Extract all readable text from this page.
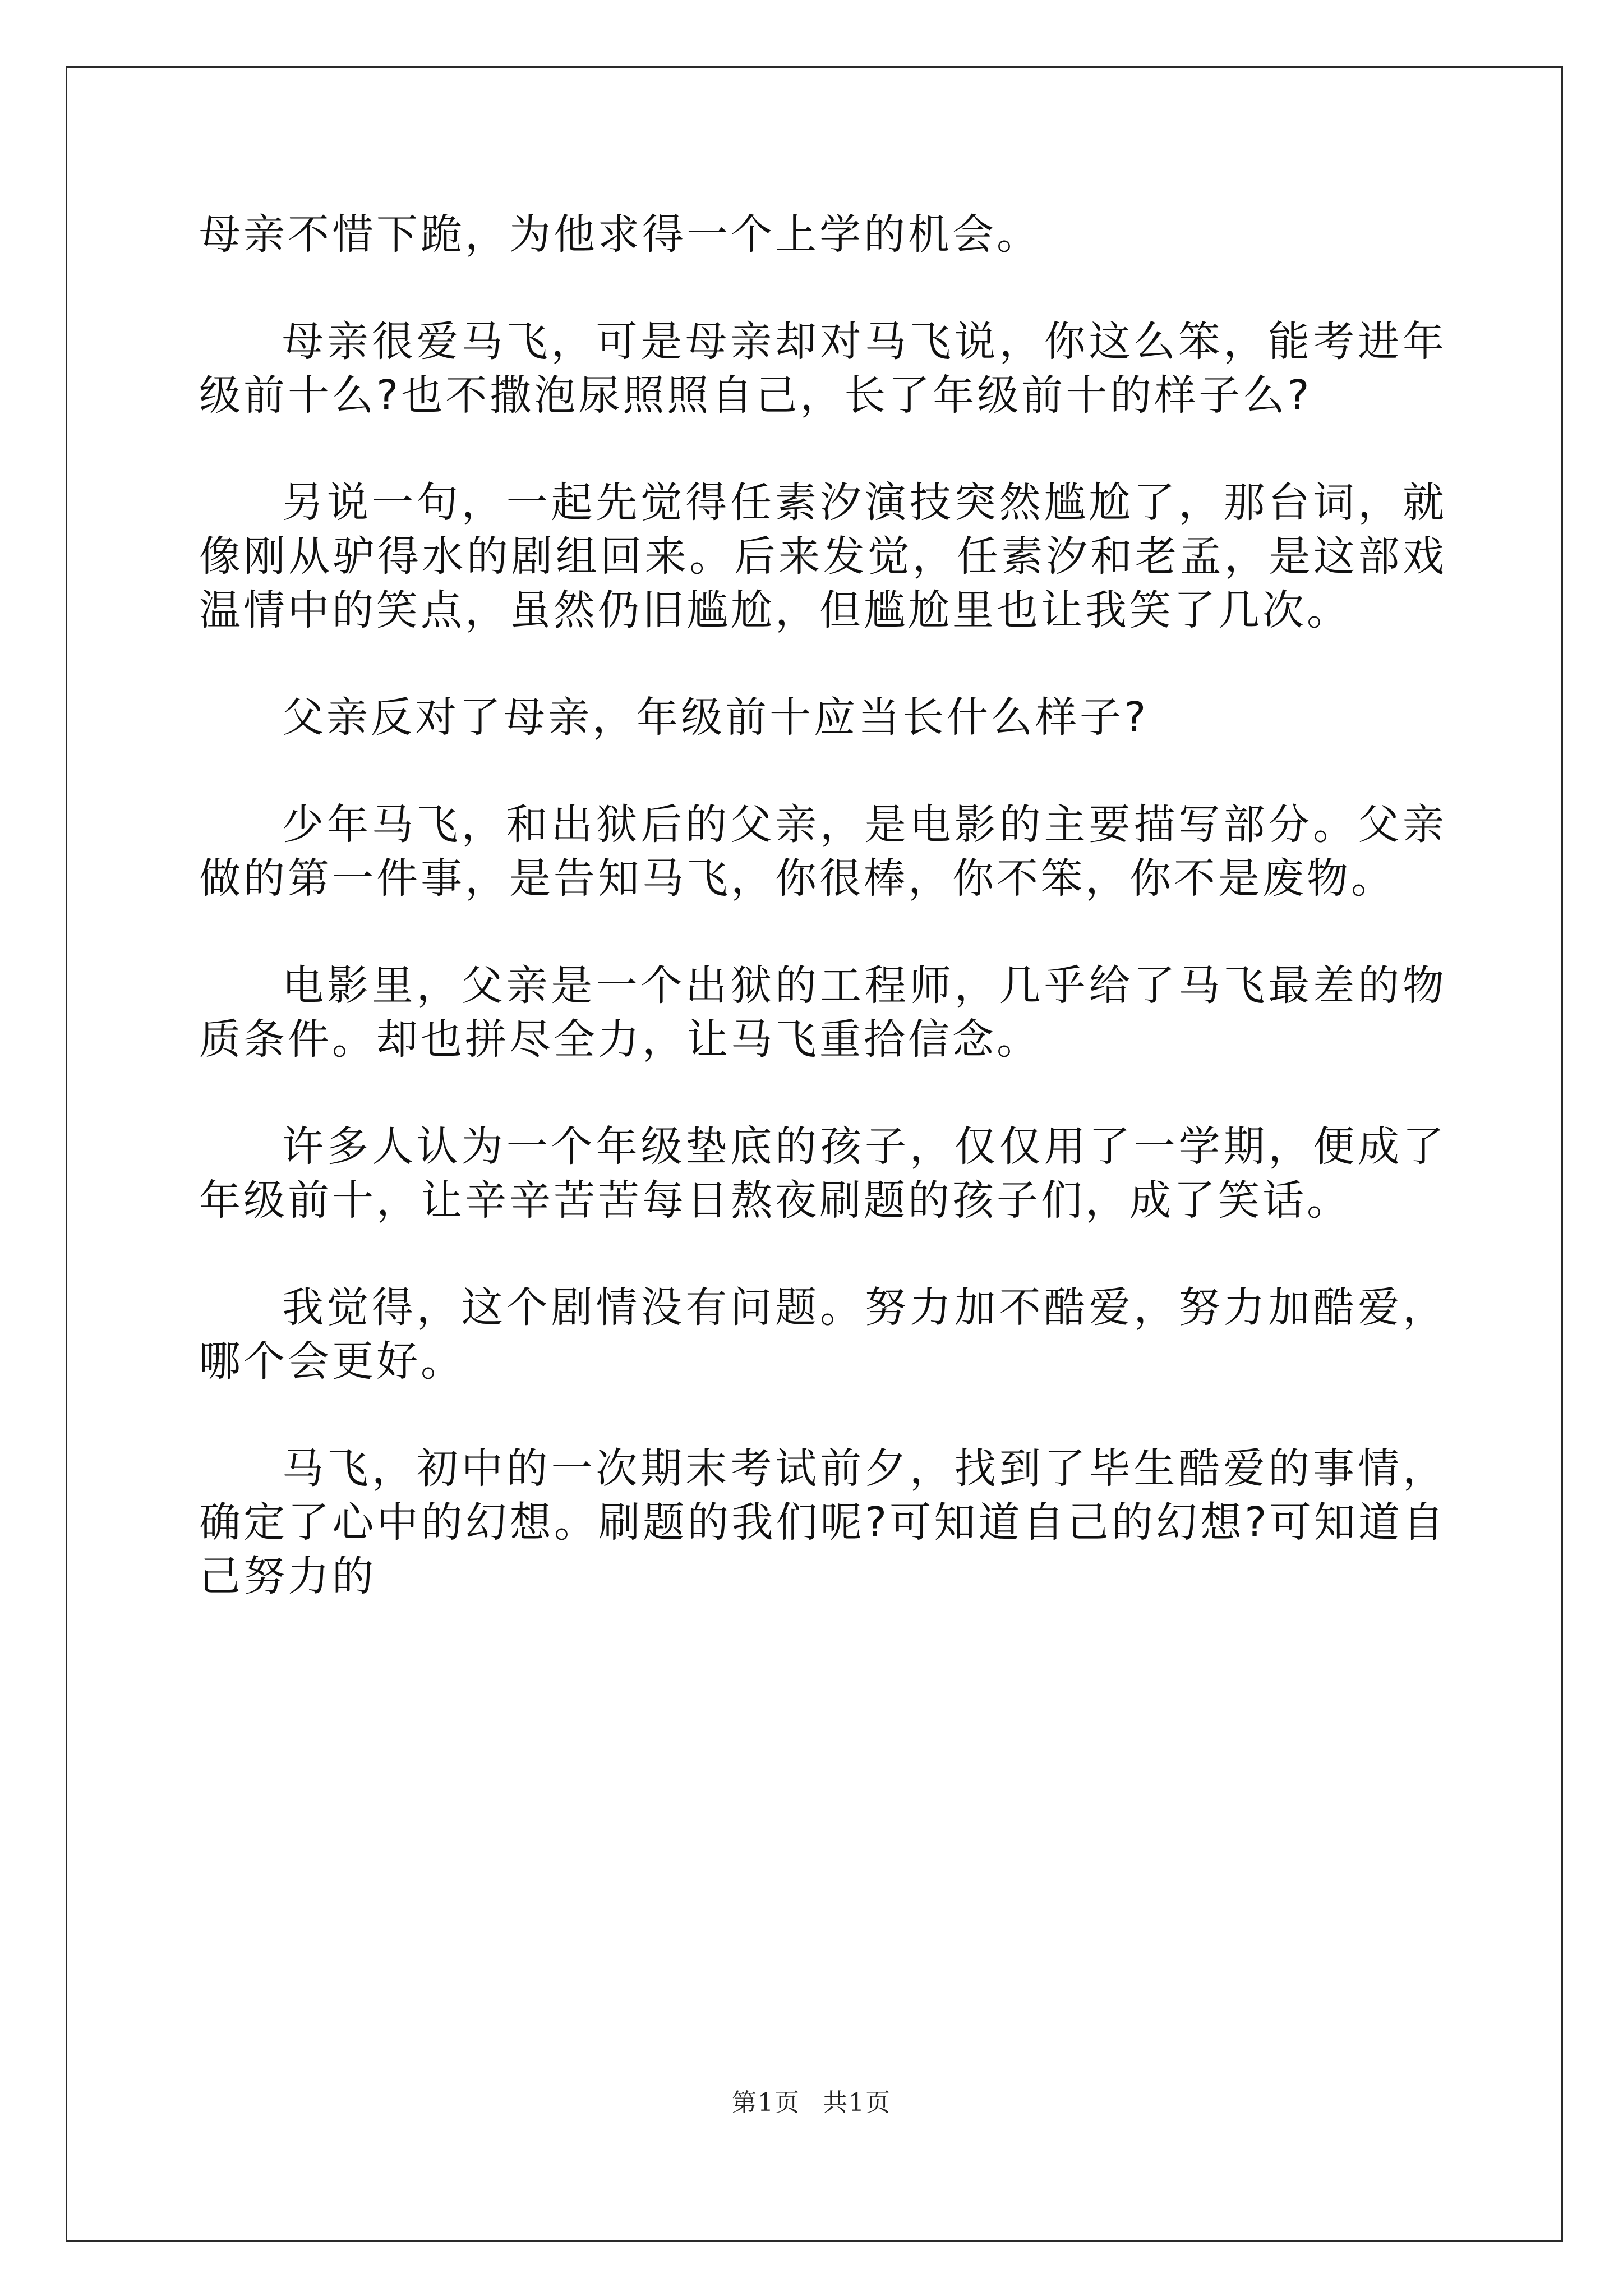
母亲不惜下跪，为他求得一个上学的机会。

母亲很爱马飞，可是母亲却对马飞说，你这么笨，能考进年级前十么?也不撒泡尿照照自己，长了年级前十的样子么?

另说一句，一起先觉得任素汐演技突然尴尬了，那台词，就像刚从驴得水的剧组回来。后来发觉，任素汐和老孟，是这部戏温情中的笑点，虽然仍旧尴尬，但尴尬里也让我笑了几次。

父亲反对了母亲，年级前十应当长什么样子?

少年马飞，和出狱后的父亲，是电影的主要描写部分。父亲做的第一件事，是告知马飞，你很棒，你不笨，你不是废物。

电影里，父亲是一个出狱的工程师，几乎给了马飞最差的物质条件。却也拼尽全力，让马飞重拾信念。

许多人认为一个年级垫底的孩子，仅仅用了一学期，便成了年级前十，让辛辛苦苦每日熬夜刷题的孩子们，成了笑话。

我觉得，这个剧情没有问题。努力加不酷爱，努力加酷爱，哪个会更好。

马飞，初中的一次期末考试前夕，找到了毕生酷爱的事情，确定了心中的幻想。刷题的我们呢?可知道自己的幻想?可知道自己努力的

第1页 共1页
